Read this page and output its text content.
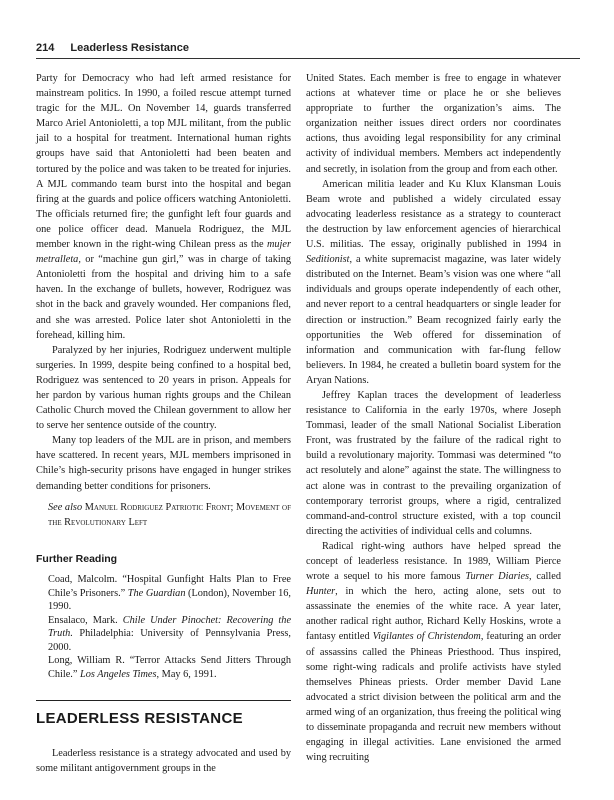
214 Leaderless Resistance

Party for Democracy who had left armed resistance for mainstream politics. In 1990, a foiled rescue attempt turned tragic for the MJL. On November 14, guards transferred Marco Ariel Antonioletti, a top MJL militant, from the public jail to a hospital for treatment. International human rights groups have said that Antonioletti had been beaten and tortured by the police and was taken to be treated for injuries. A MJL commando team burst into the hospital and began firing at the guards and police officers watching Antonioletti. The officials returned fire; the gunfight left four guards and one police officer dead. Manuela Rodriguez, the MJL member known in the right-wing Chilean press as the mujer metralleta, or “machine gun girl,” was in charge of taking Antonioletti from the hospital and driving him to a safe haven. In the exchange of bullets, however, Rodriguez was shot in the back and gravely wounded. Her companions fled, and she was arrested. Police later shot Antonioletti in the forehead, killing him.

Paralyzed by her injuries, Rodriguez underwent multiple surgeries. In 1999, despite being confined to a hospital bed, Rodriguez was sentenced to 20 years in prison. Appeals for her pardon by various human rights groups and the Chilean Catholic Church moved the Chilean government to allow her to serve her sentence outside of the country.

Many top leaders of the MJL are in prison, and members have scattered. In recent years, MJL members imprisoned in Chile’s high-security prisons have engaged in hunger strikes demanding better conditions for prisoners.

See also Manuel Rodriguez Patriotic Front; Movement of the Revolutionary Left

Further Reading

Coad, Malcolm. “Hospital Gunfight Halts Plan to Free Chile’s Prisoners.” The Guardian (London), November 16, 1990.

Ensalaco, Mark. Chile Under Pinochet: Recovering the Truth. Philadelphia: University of Pennsylvania Press, 2000.

Long, William R. “Terror Attacks Send Jitters Through Chile.” Los Angeles Times, May 6, 1991.

LEADERLESS RESISTANCE

Leaderless resistance is a strategy advocated and used by some militant antigovernment groups in the

United States. Each member is free to engage in whatever actions at whatever time or place he or she believes appropriate to further the organization’s aims. The organization neither issues direct orders nor coordinates actions, thus avoiding legal responsibility for any criminal activity of individual members. Members act independently and secretly, in isolation from the group and from each other.

American militia leader and Ku Klux Klansman Louis Beam wrote and published a widely circulated essay advocating leaderless resistance as a strategy to counteract the destruction by law enforcement agencies of hierarchical U.S. militias. The essay, originally published in 1994 in Seditionist, a white supremacist magazine, was later widely distributed on the Internet. Beam’s vision was one where “all individuals and groups operate independently of each other, and never report to a central headquarters or single leader for direction or instruction.” Beam recognized fairly early the opportunities the Web offered for dissemination of information and communication with far-flung fellow believers. In 1984, he created a bulletin board system for the Aryan Nations.

Jeffrey Kaplan traces the development of leaderless resistance to California in the early 1970s, where Joseph Tommasi, leader of the small National Socialist Liberation Front, was frustrated by the failure of the radical right to build a revolutionary majority. Tommasi was determined “to act resolutely and alone” against the state. The willingness to act alone was in contrast to the prevailing organization of contemporary terrorist groups, where a rigid, centralized command-and-control structure existed, with a top council directing the activities of individual cells and columns.

Radical right-wing authors have helped spread the concept of leaderless resistance. In 1989, William Pierce wrote a sequel to his more famous Turner Diaries, called Hunter, in which the hero, acting alone, sets out to assassinate the enemies of the white race. A year later, another radical right author, Richard Kelly Hoskins, wrote a fantasy entitled Vigilantes of Christendom, featuring an order of assassins called the Phineas Priesthood. Thus inspired, some right-wing radicals and prolife activists have styled themselves Phineas priests. Order member David Lane advocated a strict division between the political arm and the armed wing of an organization, thus freeing the political wing to disseminate propaganda and recruit new members without engaging in illegal activities. Lane envisioned the armed wing recruiting
